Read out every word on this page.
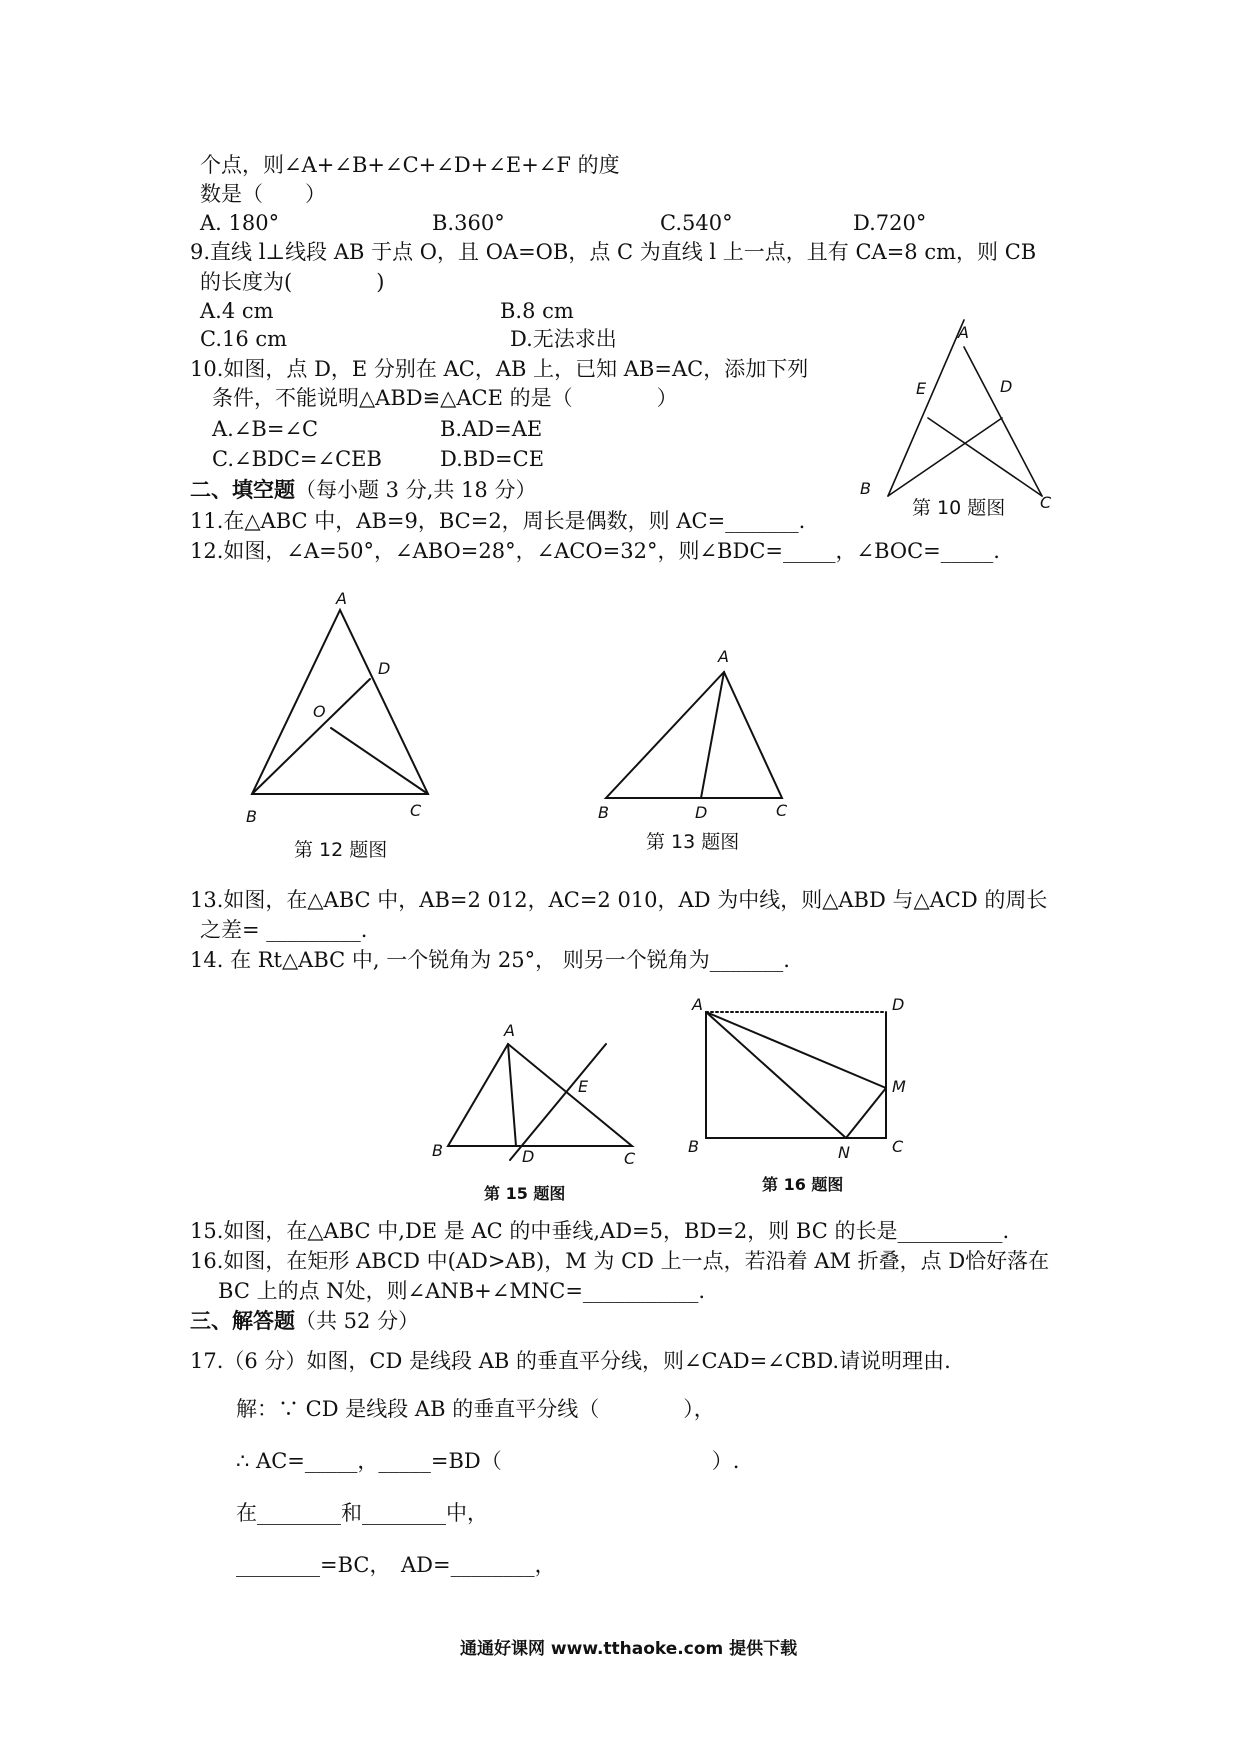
个点，则∠A+∠B+∠C+∠D+∠E+∠F 的度
数是（　　）
A. 180°	B.360°	C.540°	D.720°
9.直线 l⊥线段 AB 于点 O，且 OA=OB，点 C 为直线 l 上一点，且有 CA=8 cm，则 CB
的长度为(　　　　)
A.4 cm	B.8 cm
C.16 cm	D.无法求出
10.如图，点 D，E 分别在 AC，AB 上，已知 AB=AC，添加下列
条件，不能说明△ABD≌△ACE 的是（　　　　）
A.∠B=∠C	B.AD=AE
C.∠BDC=∠CEB	D.BD=CE
A
B
C
D
E
第 10 题图
二、填空题（每小题 3 分,共 18 分）
11.在△ABC 中，AB=9，BC=2，周长是偶数，则 AC=_______.
12.如图，∠A=50°，∠ABO=28°，∠ACO=32°，则∠BDC=_____，∠BOC=_____.
A
B	C
D
O
第 12 题图
A
B	C
D
第 13 题图
13.如图，在△ABC 中，AB=2 012，AC=2 010，AD 为中线，则△ABD 与△ACD 的周长
之差= _________.
14. 在 Rt△ABC 中, 一个锐角为 25°， 则另一个锐角为_______.
A
B	C
D
E
第 15 题图
A
B	C
D
M
N
第 16 题图
15.如图，在△ABC 中,DE 是 AC 的中垂线,AD=5，BD=2，则 BC 的长是__________.
16.如图，在矩形 ABCD 中(AD>AB)，M 为 CD 上一点，若沿着 AM 折叠，点 D恰好落在
BC 上的点 N处，则∠ANB+∠MNC=___________.
三、解答题（共 52 分）
17.（6 分）如图，CD 是线段 AB 的垂直平分线，则∠CAD=∠CBD.请说明理由.
解：∵ CD 是线段 AB 的垂直平分线（　　　　），
∴ AC=_____，_____=BD（　　　　　　　　　　）.
在________和________中，
________=BC，　AD=________，
通通好课网 www.tthaoke.com 提供下载
